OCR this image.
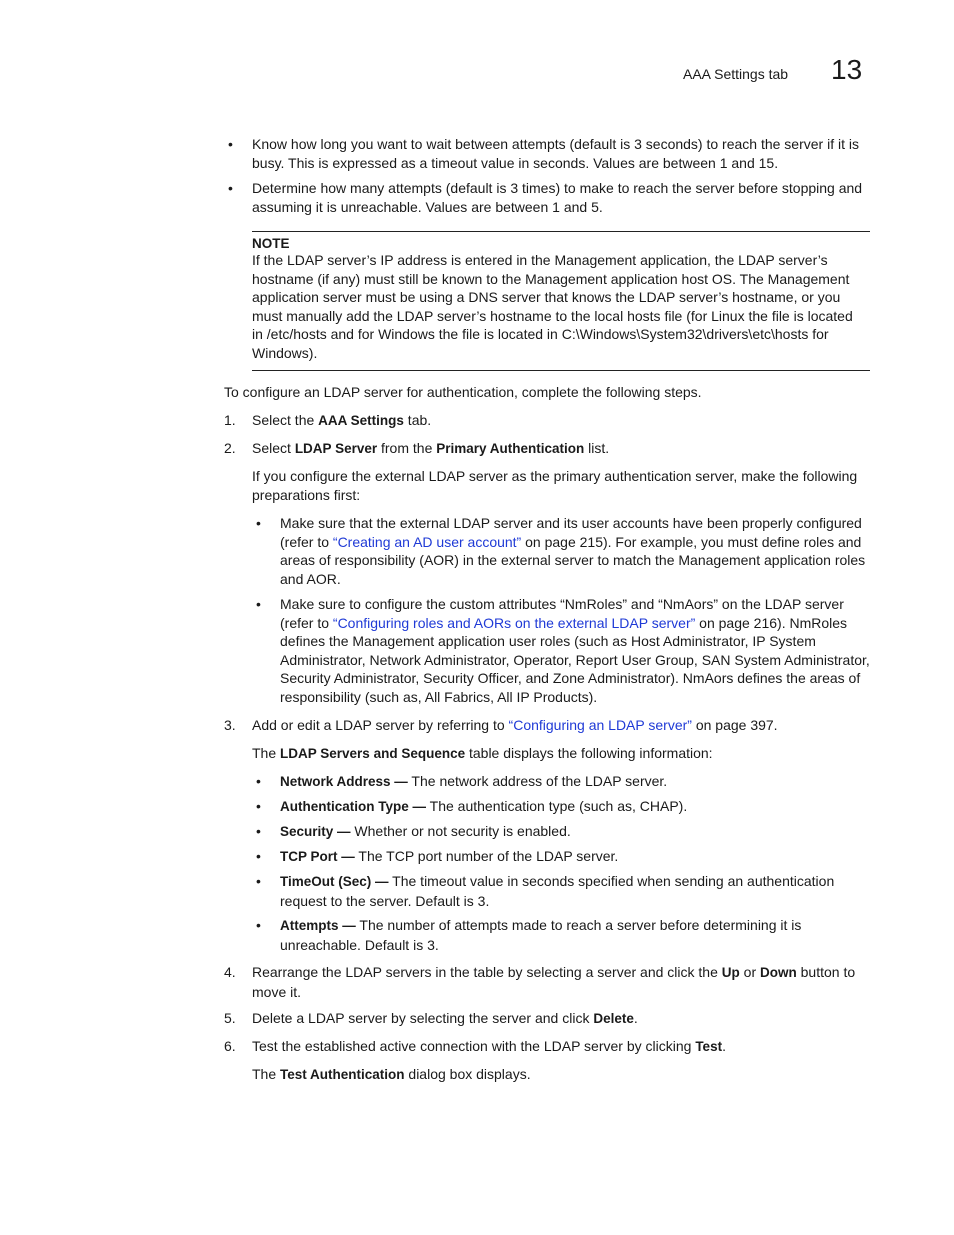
AAA Settings tab 13
•

Know how long you want to wait between attempts (default is 3 seconds) to reach the server if it is busy. This is expressed as a timeout value in seconds. Values are between 1 and 15.

•

Determine how many attempts (default is 3 times) to make to reach the server before stopping and assuming it is unreachable. Values are between 1 and 5.

NOTE

If the LDAP server’s IP address is entered in the Management application, the LDAP server’s hostname (if any) must still be known to the Management application host OS. The Management application server must be using a DNS server that knows the LDAP server’s hostname, or you must manually add the LDAP server’s hostname to the local hosts file (for Linux the file is located in /etc/hosts and for Windows the file is located in C:\Windows\System32\drivers\etc\hosts for Windows).

To configure an LDAP server for authentication, complete the following steps.

1. Select the AAA Settings tab.

2. Select LDAP Server from the Primary Authentication list.

If you configure the external LDAP server as the primary authentication server, make the following preparations first:

•

Make sure that the external LDAP server and its user accounts have been properly configured (refer to “Creating an AD user account” on page 215). For example, you must define roles and areas of responsibility (AOR) in the external server to match the Management application roles and AOR.

•

Make sure to configure the custom attributes “NmRoles” and “NmAors” on the LDAP server (refer to “Configuring roles and AORs on the external LDAP server” on page 216). NmRoles defines the Management application user roles (such as Host Administrator, IP System Administrator, Network Administrator, Operator, Report User Group, SAN System Administrator, Security Administrator, Security Officer, and Zone Administrator). NmAors defines the areas of responsibility (such as, All Fabrics, All IP Products).

3. Add or edit a LDAP server by referring to “Configuring an LDAP server” on page 397.

The LDAP Servers and Sequence table displays the following information:

•

Network Address — The network address of the LDAP server.

•

Authentication Type — The authentication type (such as, CHAP).

•

Security — Whether or not security is enabled.

•

TCP Port — The TCP port number of the LDAP server.

•

TimeOut (Sec) — The timeout value in seconds specified when sending an authentication request to the server. Default is 3.

•

Attempts — The number of attempts made to reach a server before determining it is unreachable. Default is 3.

4. Rearrange the LDAP servers in the table by selecting a server and click the Up or Down button to move it.

5. Delete a LDAP server by selecting the server and click Delete.

6. Test the established active connection with the LDAP server by clicking Test.

The Test Authentication dialog box displays.
